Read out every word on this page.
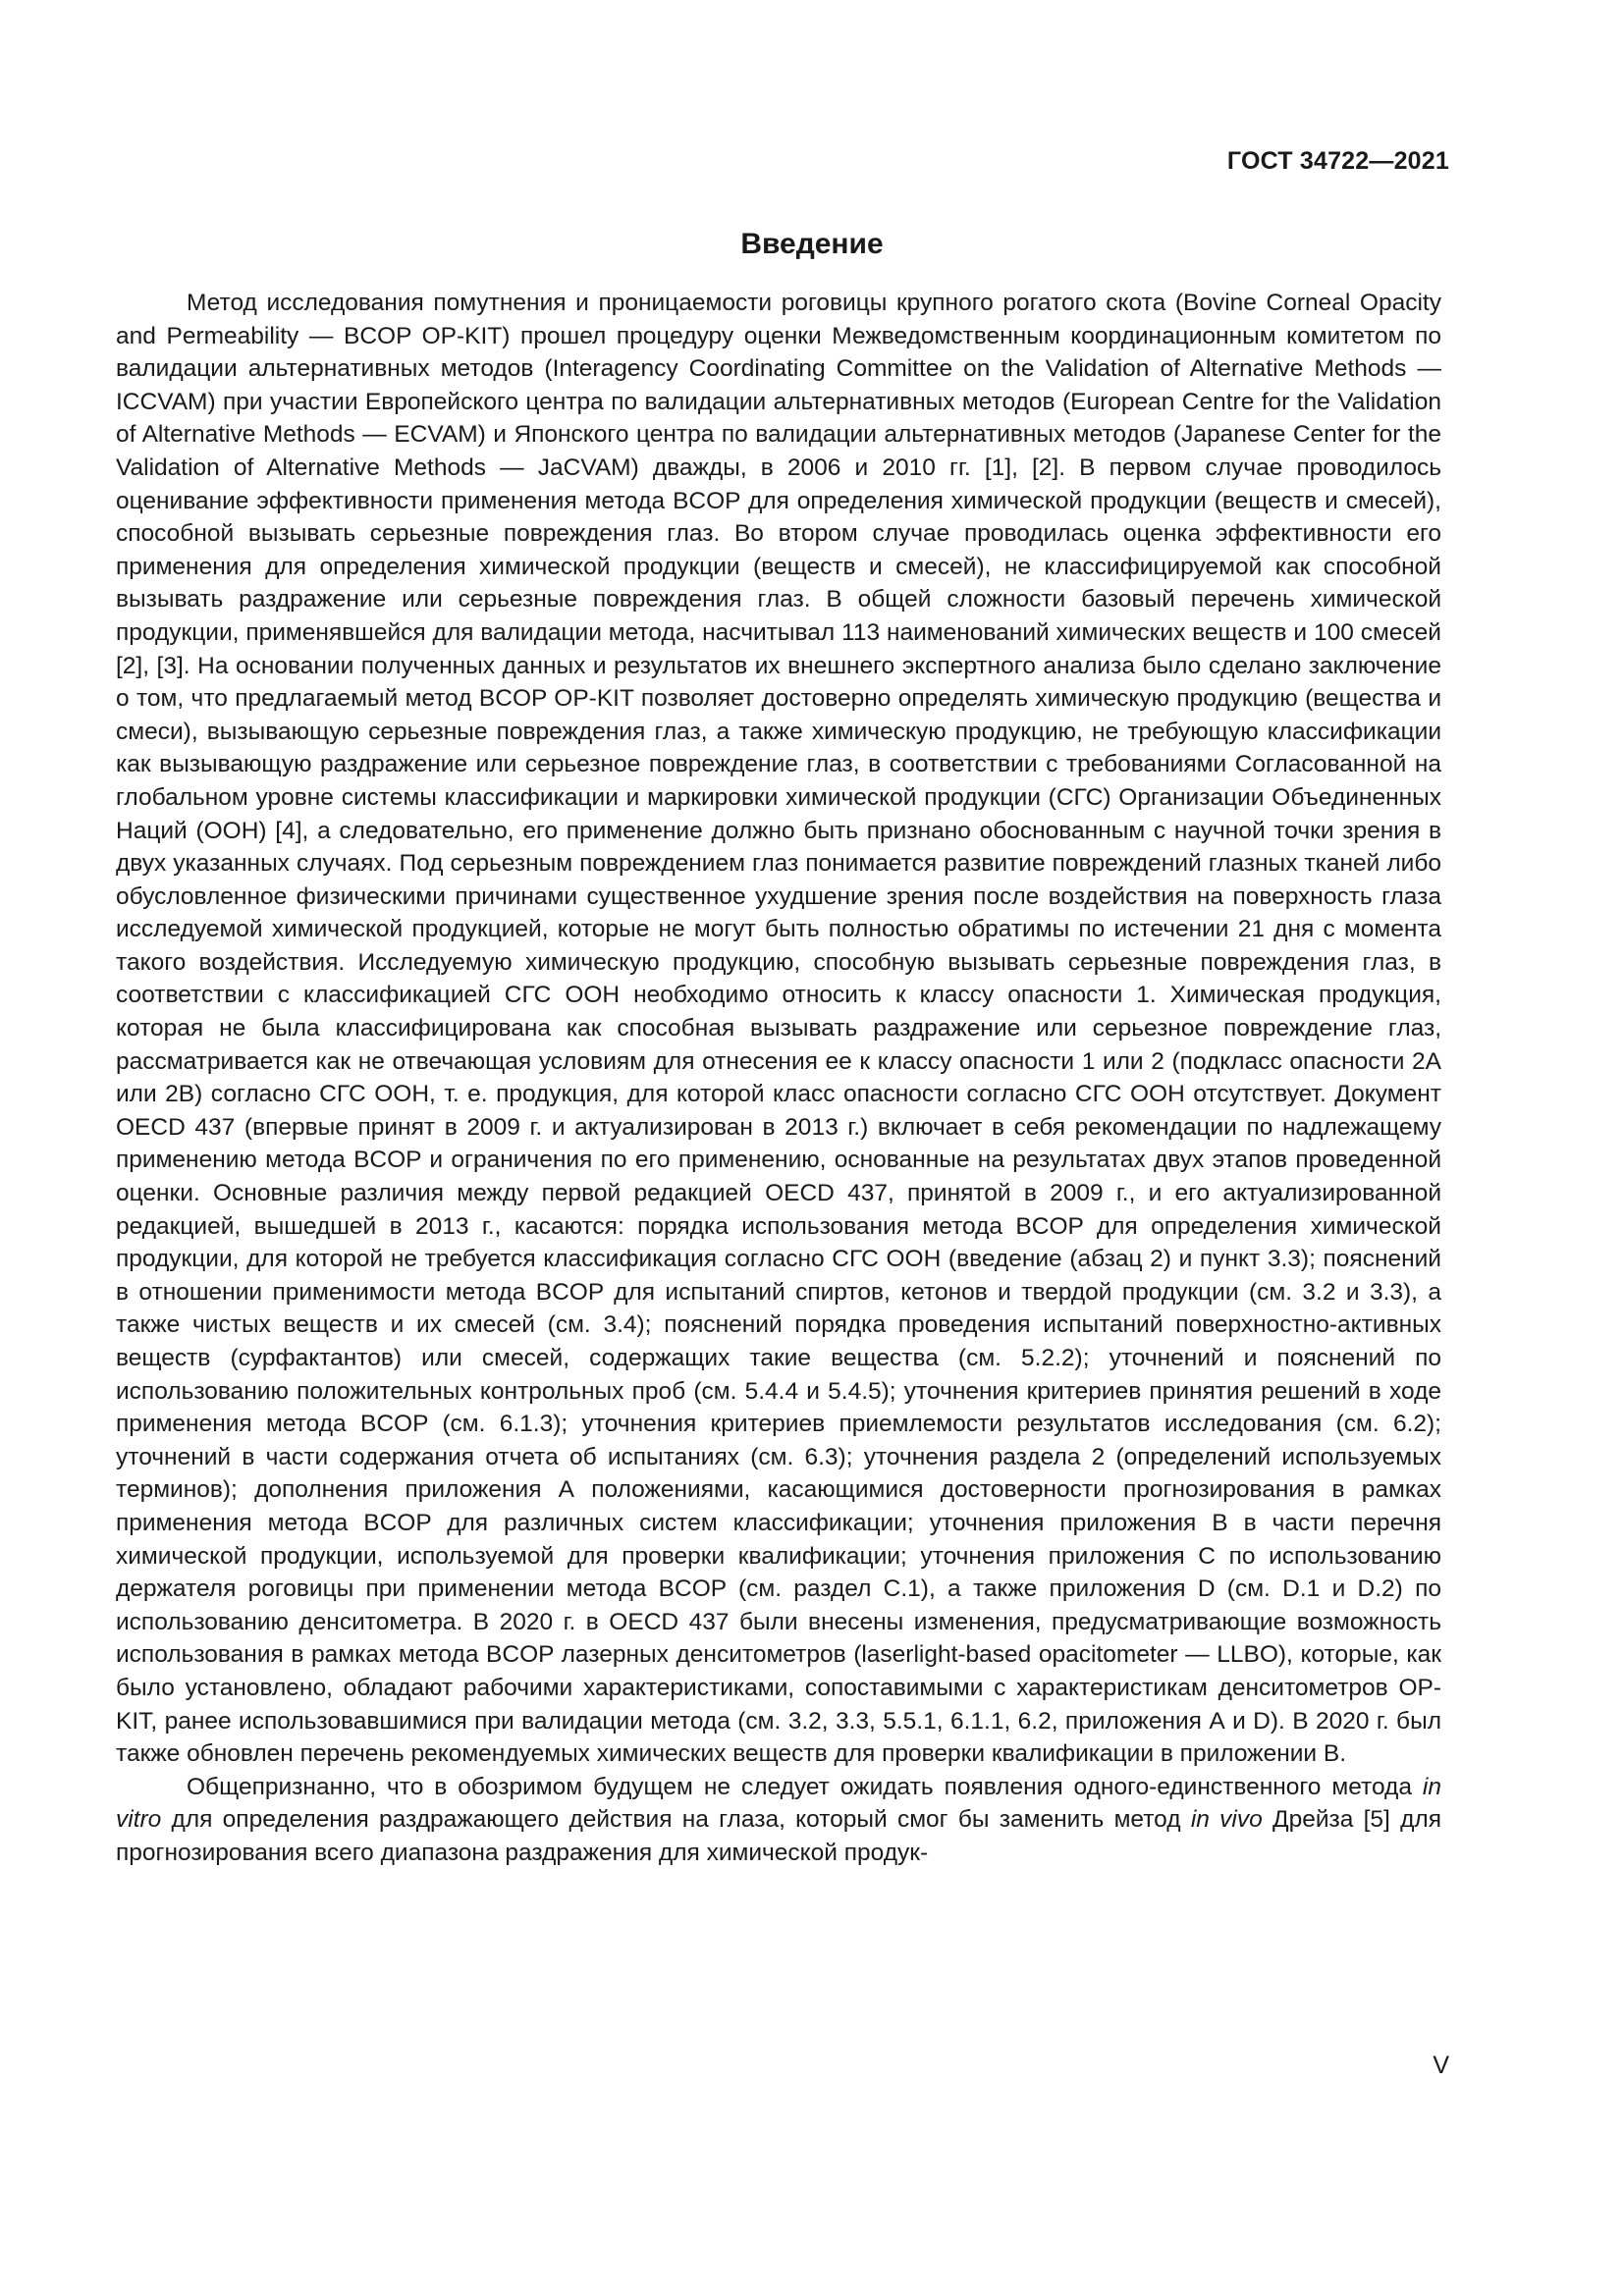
ГОСТ 34722—2021
Введение

Метод исследования помутнения и проницаемости роговицы крупного рогатого скота (Bovine Corneal Opacity and Permeability — BCOP OP-KIT) прошел процедуру оценки Межведомственным координационным комитетом по валидации альтернативных методов (Interagency Coordinating Committee on the Validation of Alternative Methods — ICCVAM) при участии Европейского центра по валидации альтернативных методов (European Centre for the Validation of Alternative Methods — ECVAM) и Японского центра по валидации альтернативных методов (Japanese Center for the Validation of Alternative Methods — JaCVAM) дважды, в 2006 и 2010 гг. [1], [2]. В первом случае проводилось оценивание эффективности применения метода BCOP для определения химической продукции (веществ и смесей), способной вызывать серьезные повреждения глаз. Во втором случае проводилась оценка эффективности его применения для определения химической продукции (веществ и смесей), не классифицируемой как способной вызывать раздражение или серьезные повреждения глаз. В общей сложности базовый перечень химической продукции, применявшейся для валидации метода, насчитывал 113 наименований химических веществ и 100 смесей [2], [3]. На основании полученных данных и результатов их внешнего экспертного анализа было сделано заключение о том, что предлагаемый метод BCOP OP-KIT позволяет достоверно определять химическую продукцию (вещества и смеси), вызывающую серьезные повреждения глаз, а также химическую продукцию, не требующую классификации как вызывающую раздражение или серьезное повреждение глаз, в соответствии с требованиями Согласованной на глобальном уровне системы классификации и маркировки химической продукции (СГС) Организации Объединенных Наций (ООН) [4], а следовательно, его применение должно быть признано обоснованным с научной точки зрения в двух указанных случаях. Под серьезным повреждением глаз понимается развитие повреждений глазных тканей либо обусловленное физическими причинами существенное ухудшение зрения после воздействия на поверхность глаза исследуемой химической продукцией, которые не могут быть полностью обратимы по истечении 21 дня с момента такого воздействия. Исследуемую химическую продукцию, способную вызывать серьезные повреждения глаз, в соответствии с классификацией СГС ООН необходимо относить к классу опасности 1. Химическая продукция, которая не была классифицирована как способная вызывать раздражение или серьезное повреждение глаз, рассматривается как не отвечающая условиям для отнесения ее к классу опасности 1 или 2 (подкласс опасности 2А или 2В) согласно СГС ООН, т. е. продукция, для которой класс опасности согласно СГС ООН отсутствует. Документ OECD 437 (впервые принят в 2009 г. и актуализирован в 2013 г.) включает в себя рекомендации по надлежащему применению метода BCOP и ограничения по его применению, основанные на результатах двух этапов проведенной оценки. Основные различия между первой редакцией OECD 437, принятой в 2009 г., и его актуализированной редакцией, вышедшей в 2013 г., касаются: порядка использования метода BCOP для определения химической продукции, для которой не требуется классификация согласно СГС ООН (введение (абзац 2) и пункт 3.3); пояснений в отношении применимости метода BCOP для испытаний спиртов, кетонов и твердой продукции (см. 3.2 и 3.3), а также чистых веществ и их смесей (см. 3.4); пояснений порядка проведения испытаний поверхностно-активных веществ (сурфактантов) или смесей, содержащих такие вещества (см. 5.2.2); уточнений и пояснений по использованию положительных контрольных проб (см. 5.4.4 и 5.4.5); уточнения критериев принятия решений в ходе применения метода BCOP (см. 6.1.3); уточнения критериев приемлемости результатов исследования (см. 6.2); уточнений в части содержания отчета об испытаниях (см. 6.3); уточнения раздела 2 (определений используемых терминов); дополнения приложения А положениями, касающимися достоверности прогнозирования в рамках применения метода BCOP для различных систем классификации; уточнения приложения В в части перечня химической продукции, используемой для проверки квалификации; уточнения приложения С по использованию держателя роговицы при применении метода BCOP (см. раздел С.1), а также приложения D (см. D.1 и D.2) по использованию денситометра. В 2020 г. в OECD 437 были внесены изменения, предусматривающие возможность использования в рамках метода BCOP лазерных денситометров (laserlight-based opacitometer — LLBO), которые, как было установлено, обладают рабочими характеристиками, сопоставимыми с характеристикам денситометров OP-KIT, ранее использовавшимися при валидации метода (см. 3.2, 3.3, 5.5.1, 6.1.1, 6.2, приложения А и D). В 2020 г. был также обновлен перечень рекомендуемых химических веществ для проверки квалификации в приложении В.

Общепризнанно, что в обозримом будущем не следует ожидать появления одного-единственного метода in vitro для определения раздражающего действия на глаза, который смог бы заменить метод in vivo Дрейза [5] для прогнозирования всего диапазона раздражения для химической продук-

V
